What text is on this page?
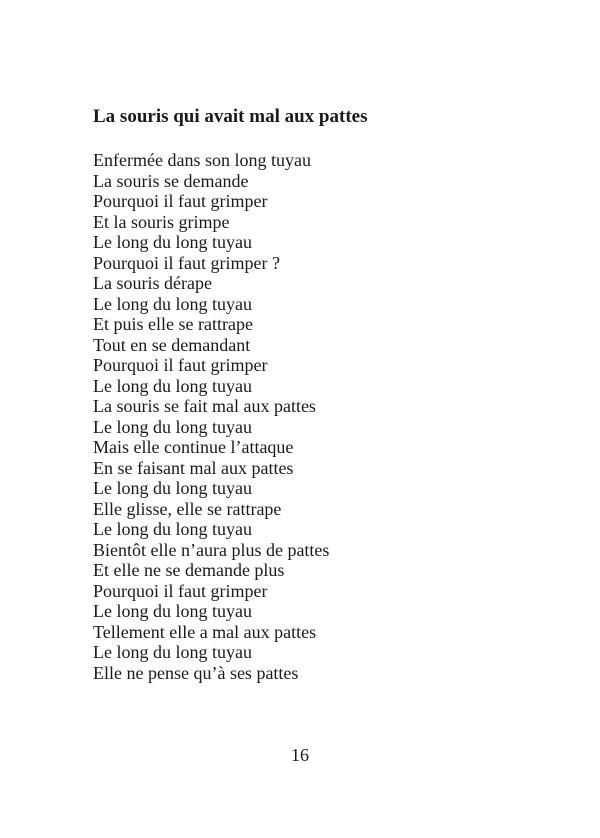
La souris qui avait mal aux pattes
Enfermée dans son long tuyau
La souris se demande
Pourquoi il faut grimper
Et la souris grimpe
Le long du long tuyau
Pourquoi il faut grimper ?
La souris dérape
Le long du long tuyau
Et puis elle se rattrape
Tout en se demandant
Pourquoi il faut grimper
Le long du long tuyau
La souris se fait mal aux pattes
Le long du long tuyau
Mais elle continue l’attaque
En se faisant mal aux pattes
Le long du long tuyau
Elle glisse, elle se rattrape
Le long du long tuyau
Bientôt elle n’aura plus de pattes
Et elle ne se demande plus
Pourquoi il faut grimper
Le long du long tuyau
Tellement elle a mal aux pattes
Le long du long tuyau
Elle ne pense qu’à ses pattes
16
